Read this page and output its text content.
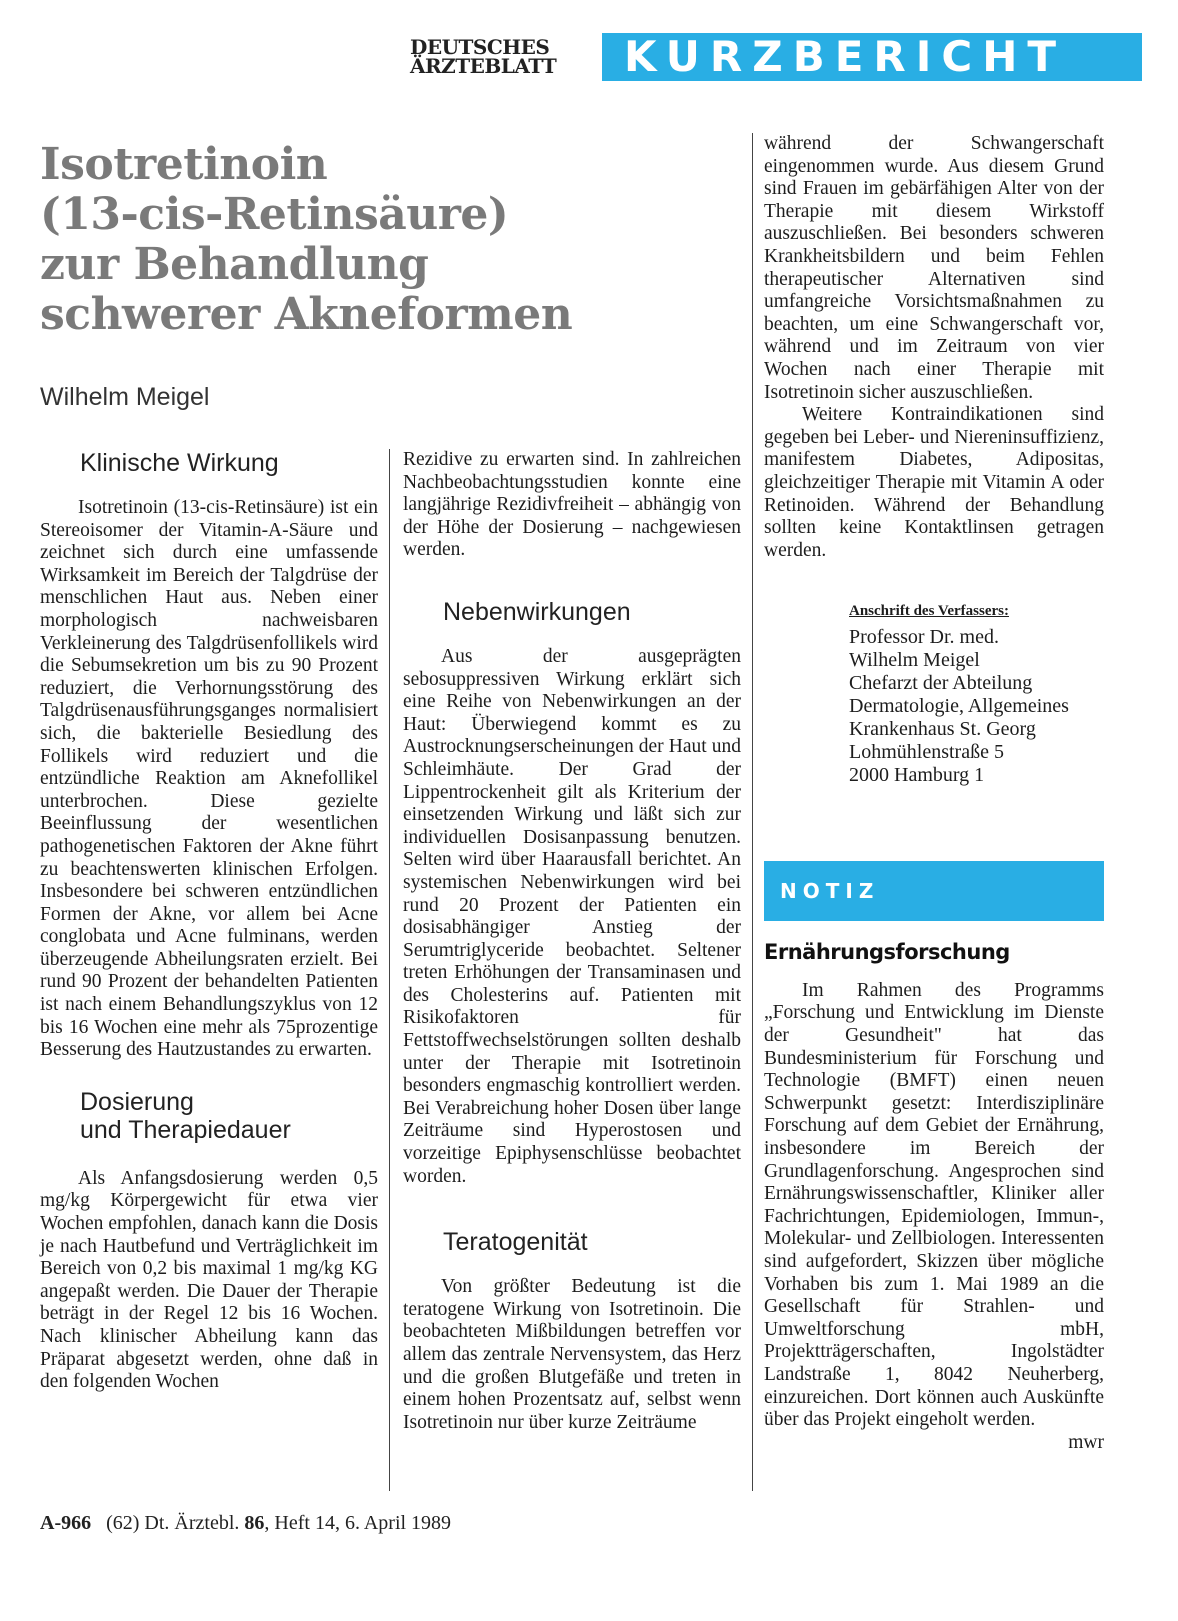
DEUTSCHES
ÄRZTEBLATT	KURZBERICHT
Isotretinoin
(13-cis-Retinsäure)
zur Behandlung
schwerer Akneformen
Wilhelm Meigel
Klinische Wirkung

Isotretinoin (13-cis-Retinsäure) ist ein Stereoisomer der Vitamin-A-Säure und zeichnet sich durch eine umfassende Wirksamkeit im Bereich der Talgdrüse der menschlichen Haut aus. Neben einer morphologisch nachweisbaren Verkleinerung des Talgdrüsenfollikels wird die Sebumsekretion um bis zu 90 Prozent reduziert, die Verhornungsstörung des Talgdrüsenausführungsganges normalisiert sich, die bakterielle Besiedlung des Follikels wird reduziert und die entzündliche Reaktion am Aknefollikel unterbrochen. Diese gezielte Beeinflussung der wesentlichen pathogenetischen Faktoren der Akne führt zu beachtenswerten klinischen Erfolgen. Insbesondere bei schweren entzündlichen Formen der Akne, vor allem bei Acne conglobata und Acne fulminans, werden überzeugende Abheilungsraten erzielt. Bei rund 90 Prozent der behandelten Patienten ist nach einem Behandlungszyklus von 12 bis 16 Wochen eine mehr als 75prozentige Besserung des Hautzustandes zu erwarten.

Dosierung
und Therapiedauer

Als Anfangsdosierung werden 0,5 mg/kg Körpergewicht für etwa vier Wochen empfohlen, danach kann die Dosis je nach Hautbefund und Verträglichkeit im Bereich von 0,2 bis maximal 1 mg/kg KG angepaßt werden. Die Dauer der Therapie beträgt in der Regel 12 bis 16 Wochen. Nach klinischer Abheilung kann das Präparat abgesetzt werden, ohne daß in den folgenden Wochen

Rezidive zu erwarten sind. In zahlreichen Nachbeobachtungsstudien konnte eine langjährige Rezidivfreiheit – abhängig von der Höhe der Dosierung – nachgewiesen werden.

Nebenwirkungen

Aus der ausgeprägten sebosuppressiven Wirkung erklärt sich eine Reihe von Nebenwirkungen an der Haut: Überwiegend kommt es zu Austrocknungserscheinungen der Haut und Schleimhäute. Der Grad der Lippentrockenheit gilt als Kriterium der einsetzenden Wirkung und läßt sich zur individuellen Dosisanpassung benutzen. Selten wird über Haarausfall berichtet. An systemischen Nebenwirkungen wird bei rund 20 Prozent der Patienten ein dosisabhängiger Anstieg der Serumtriglyceride beobachtet. Seltener treten Erhöhungen der Transaminasen und des Cholesterins auf. Patienten mit Risikofaktoren für Fettstoffwechselstörungen sollten deshalb unter der Therapie mit Isotretinoin besonders engmaschig kontrolliert werden. Bei Verabreichung hoher Dosen über lange Zeiträume sind Hyperostosen und vorzeitige Epiphysenschlüsse beobachtet worden.

Teratogenität

Von größter Bedeutung ist die teratogene Wirkung von Isotretinoin. Die beobachteten Mißbildungen betreffen vor allem das zentrale Nervensystem, das Herz und die großen Blutgefäße und treten in einem hohen Prozentsatz auf, selbst wenn Isotretinoin nur über kurze Zeiträume

während der Schwangerschaft eingenommen wurde. Aus diesem Grund sind Frauen im gebärfähigen Alter von der Therapie mit diesem Wirkstoff auszuschließen. Bei besonders schweren Krankheitsbildern und beim Fehlen therapeutischer Alternativen sind umfangreiche Vorsichtsmaßnahmen zu beachten, um eine Schwangerschaft vor, während und im Zeitraum von vier Wochen nach einer Therapie mit Isotretinoin sicher auszuschließen.

Weitere Kontraindikationen sind gegeben bei Leber- und Niereninsuffizienz, manifestem Diabetes, Adipositas, gleichzeitiger Therapie mit Vitamin A oder Retinoiden. Während der Behandlung sollten keine Kontaktlinsen getragen werden.

Anschrift des Verfassers:
Professor Dr. med.
Wilhelm Meigel
Chefarzt der Abteilung
Dermatologie, Allgemeines
Krankenhaus St. Georg
Lohmühlenstraße 5
2000 Hamburg 1
NOTIZ
Ernährungsforschung

Im Rahmen des Programms „Forschung und Entwicklung im Dienste der Gesundheit" hat das Bundesministerium für Forschung und Technologie (BMFT) einen neuen Schwerpunkt gesetzt: Interdisziplinäre Forschung auf dem Gebiet der Ernährung, insbesondere im Bereich der Grundlagenforschung. Angesprochen sind Ernährungswissenschaftler, Kliniker aller Fachrichtungen, Epidemiologen, Immun-, Molekular- und Zellbiologen. Interessenten sind aufgefordert, Skizzen über mögliche Vorhaben bis zum 1. Mai 1989 an die Gesellschaft für Strahlen- und Umweltforschung mbH, Projektträgerschaften, Ingolstädter Landstraße 1, 8042 Neuherberg, einzureichen. Dort können auch Auskünfte über das Projekt eingeholt werden.
mwr

A-966 (62) Dt. Ärztebl. 86, Heft 14, 6. April 1989
